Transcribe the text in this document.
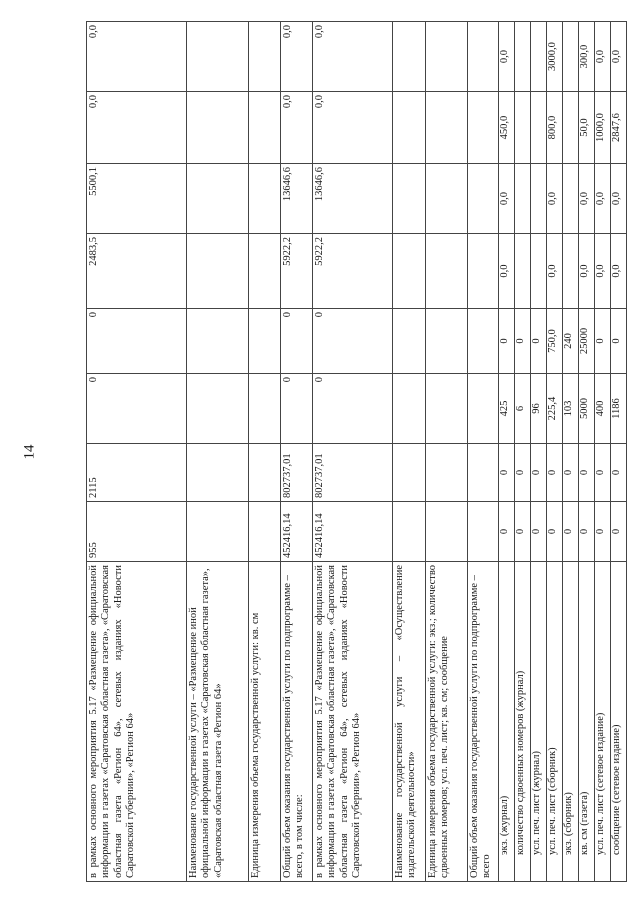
14
в рамках основного мероприятия 5.17 «Размещение официальной информации в газетах «Саратовская областная газета», «Саратовская областная газета «Регион 64», сетевых изданиях «Новости Саратовской губернии», «Регион 64»	955	2115	0	0	2483,5	5500,1	0,0	0,0
Наименование государственной услуги – «Размещение иной официальной информации в газетах «Саратовская областная газета», «Саратовская областная газета «Регион 64»								
Единица измерения объема государственной услуги: кв. см								
Общий объем оказания государственной услуги по подпрограмме – всего, в том числе:	452416,14	802737,01	0	0	5922,2	13646,6	0,0	0,0
в рамках основного мероприятия 5.17 «Размещение официальной информации в газетах «Саратовская областная газета», «Саратовская областная газета «Регион 64», сетевых изданиях «Новости Саратовской губернии», «Регион 64»	452416,14	802737,01	0	0	5922,2	13646,6	0,0	0,0
Наименование государственной услуги – «Осуществление издательской деятельности»								
Единица измерения объема государственной услуги: экз.; количество сдвоенных номеров; усл. печ. лист; кв. см; сообщение								
Общий объем оказания государственной услуги по подпрограмме – всего								
экз. (журнал)	0	0	425	0	0,0	0,0	450,0	0,0
количество сдвоенных номеров (журнал)	0	0	6	0				
усл. печ. лист (журнал)	0	0	96	0				
усл. печ. лист (сборник)	0	0	225,4	750,0	0,0	0,0	800,0	3000,0
экз. (сборник)	0	0	103	240				
кв. см (газета)	0	0	5000	25000	0,0	0,0	50,0	300,0
усл. печ. лист (сетевое издание)	0	0	400	0	0,0	0,0	1000,0	0,0
сообщение (сетевое издание)	0	0	1186	0	0,0	0,0	2847,6	0,0
